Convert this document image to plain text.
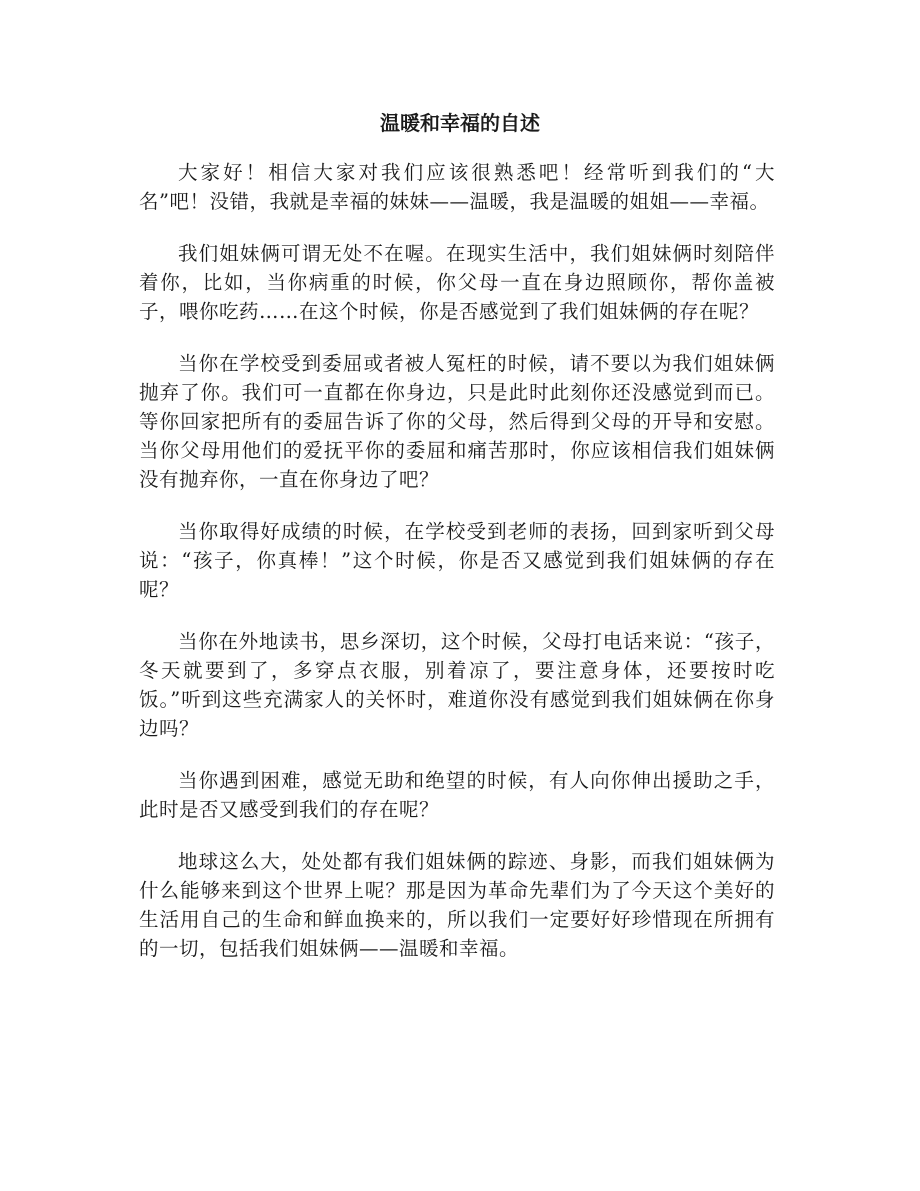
温暖和幸福的自述

大家好！相信大家对我们应该很熟悉吧！经常听到我们的“大名”吧！没错，我就是幸福的妹妹——温暖，我是温暖的姐姐——幸福。

我们姐妹俩可谓无处不在喔。在现实生活中，我们姐妹俩时刻陪伴着你，比如，当你病重的时候，你父母一直在身边照顾你，帮你盖被子，喂你吃药……在这个时候，你是否感觉到了我们姐妹俩的存在呢？

当你在学校受到委屈或者被人冤枉的时候，请不要以为我们姐妹俩抛弃了你。我们可一直都在你身边，只是此时此刻你还没感觉到而已。等你回家把所有的委屈告诉了你的父母，然后得到父母的开导和安慰。当你父母用他们的爱抚平你的委屈和痛苦那时，你应该相信我们姐妹俩没有抛弃你，一直在你身边了吧？

当你取得好成绩的时候，在学校受到老师的表扬，回到家听到父母说：“孩子，你真棒！”这个时候，你是否又感觉到我们姐妹俩的存在呢？

当你在外地读书，思乡深切，这个时候，父母打电话来说：“孩子，冬天就要到了，多穿点衣服，别着凉了，要注意身体，还要按时吃饭。”听到这些充满家人的关怀时，难道你没有感觉到我们姐妹俩在你身边吗？

当你遇到困难，感觉无助和绝望的时候，有人向你伸出援助之手，此时是否又感受到我们的存在呢？

地球这么大，处处都有我们姐妹俩的踪迹、身影，而我们姐妹俩为什么能够来到这个世界上呢？那是因为革命先辈们为了今天这个美好的生活用自己的生命和鲜血换来的，所以我们一定要好好珍惜现在所拥有的一切，包括我们姐妹俩——温暖和幸福。
